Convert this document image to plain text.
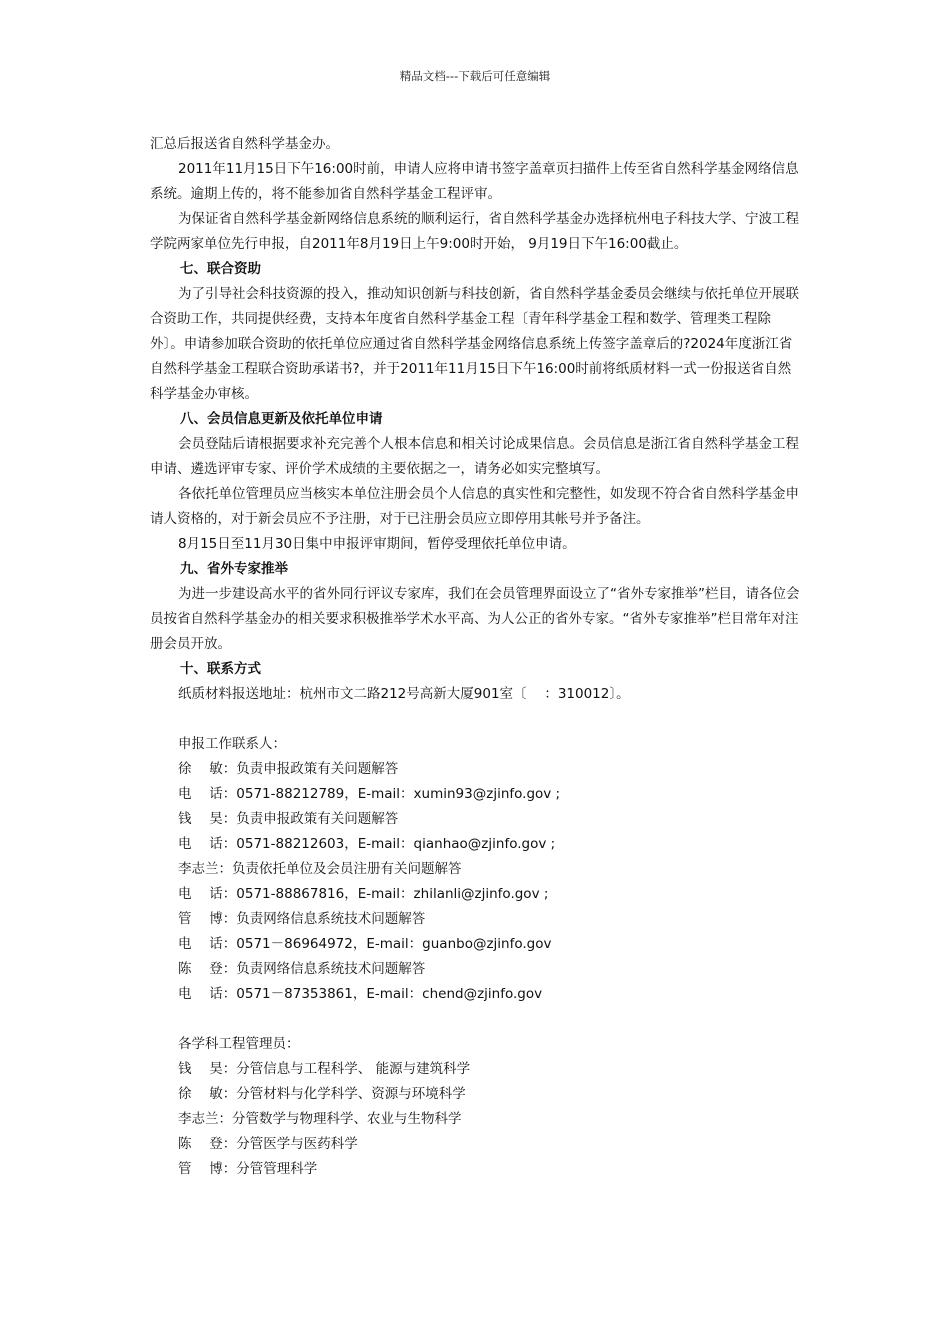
精品文档---下载后可任意编辑

汇总后报送省自然科学基金办。

2011年11月15日下午16:00时前，申请人应将申请书签字盖章页扫描件上传至省自然科学基金网络信息系统。逾期上传的，将不能参加省自然科学基金工程评审。

为保证省自然科学基金新网络信息系统的顺利运行，省自然科学基金办选择杭州电子科技大学、宁波工程学院两家单位先行申报，自2011年8月19日上午9:00时开始， 9月19日下午16:00截止。

七、联合资助

为了引导社会科技资源的投入，推动知识创新与科技创新，省自然科学基金委员会继续与依托单位开展联合资助工作，共同提供经费，支持本年度省自然科学基金工程〔青年科学基金工程和数学、管理类工程除外〕。申请参加联合资助的依托单位应通过省自然科学基金网络信息系统上传签字盖章后的?2024年度浙江省自然科学基金工程联合资助承诺书?，并于2011年11月15日下午16:00时前将纸质材料一式一份报送省自然科学基金办审核。

八、会员信息更新及依托单位申请

会员登陆后请根据要求补充完善个人根本信息和相关讨论成果信息。会员信息是浙江省自然科学基金工程申请、遴选评审专家、评价学术成绩的主要依据之一，请务必如实完整填写。

各依托单位管理员应当核实本单位注册会员个人信息的真实性和完整性，如发现不符合省自然科学基金申请人资格的，对于新会员应不予注册，对于已注册会员应立即停用其帐号并予备注。

8月15日至11月30日集中申报评审期间，暂停受理依托单位申请。

九、省外专家推举

为进一步建设高水平的省外同行评议专家库，我们在会员管理界面设立了“省外专家推举”栏目，请各位会员按省自然科学基金办的相关要求积极推举学术水平高、为人公正的省外专家。“省外专家推举”栏目常年对注册会员开放。

十、联系方式

纸质材料报送地址：杭州市文二路212号高新大厦901室〔　 ：310012〕。

申报工作联系人：

徐　 敏：负责申报政策有关问题解答

电　 话：0571-88212789，E-mail：xumin93@zjinfo.gov ;

钱　 昊：负责申报政策有关问题解答

电　 话：0571-88212603，E-mail：qianhao@zjinfo.gov ;

李志兰：负责依托单位及会员注册有关问题解答

电　 话：0571-88867816，E-mail：zhilanli@zjinfo.gov ;

管　 博：负责网络信息系统技术问题解答

电　 话：0571－86964972，E-mail：guanbo@zjinfo.gov

陈　 登：负责网络信息系统技术问题解答

电　 话：0571－87353861，E-mail：chend@zjinfo.gov

各学科工程管理员：

钱　 昊：分管信息与工程科学、 能源与建筑科学

徐　 敏：分管材料与化学科学、资源与环境科学

李志兰：分管数学与物理科学、农业与生物科学

陈　 登：分管医学与医药科学

管　 博：分管管理科学
